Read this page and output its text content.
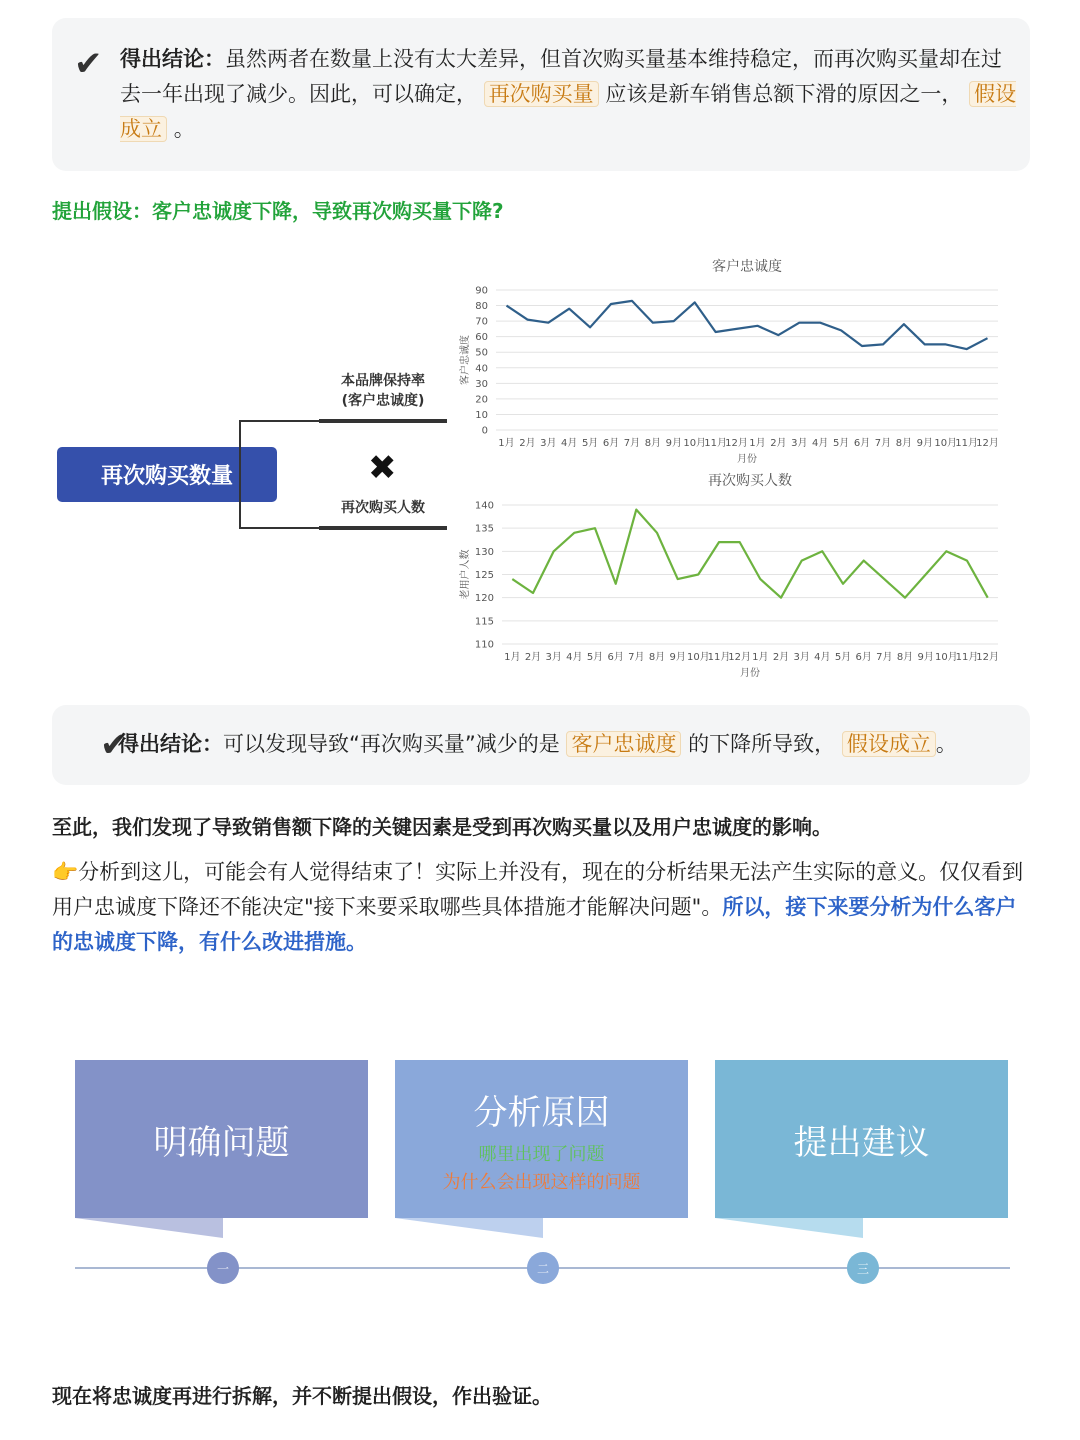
✔ 得出结论：虽然两者在数量上没有太大差异，但首次购买量基本维持稳定，而再次购买量却在过去一年出现了减少。因此，可以确定， 再次购买量 应该是新车销售总额下滑的原因之一， 假设成立 。
提出假设：客户忠诚度下降，导致再次购买量下降?
再次购买数量
本品牌保持率
(客户忠诚度)
✖
再次购买人数
客户忠诚度
0
10
20
30
40
50
60
70
80
90
1月 2月 3月 4月 5月 6月 7月 8月 9月 10月
11月
12月 1月 2月 3月 4月 5月 6月 7月 8月 9月 10月
11月
12月
月份
客户忠诚度
再次购买人数
110
115
120
125
130
135
140
1月 2月 3月 4月 5月 6月 7月 8月 9月 10月
11月
12月 1月 2月 3月 4月 5月 6月 7月 8月 9月 10月
11月
12月
月份
老用户人数
✔
得出结论：可以发现导致“再次购买量”减少的是 客户忠诚度 的下降所导致， 假设成立 。
至此，我们发现了导致销售额下降的关键因素是受到再次购买量以及用户忠诚度的影响。
👉分析到这儿，可能会有人觉得结束了！实际上并没有，现在的分析结果无法产生实际的意义。仅仅看到用户忠诚度下降还不能决定"接下来要采取哪些具体措施才能解决问题"。所以，接下来要分析为什么客户的忠诚度下降，有什么改进措施。
明确问题
分析原因
哪里出现了问题
为什么会出现这样的问题
提出建议
一	二	三
现在将忠诚度再进行拆解，并不断提出假设，作出验证。
